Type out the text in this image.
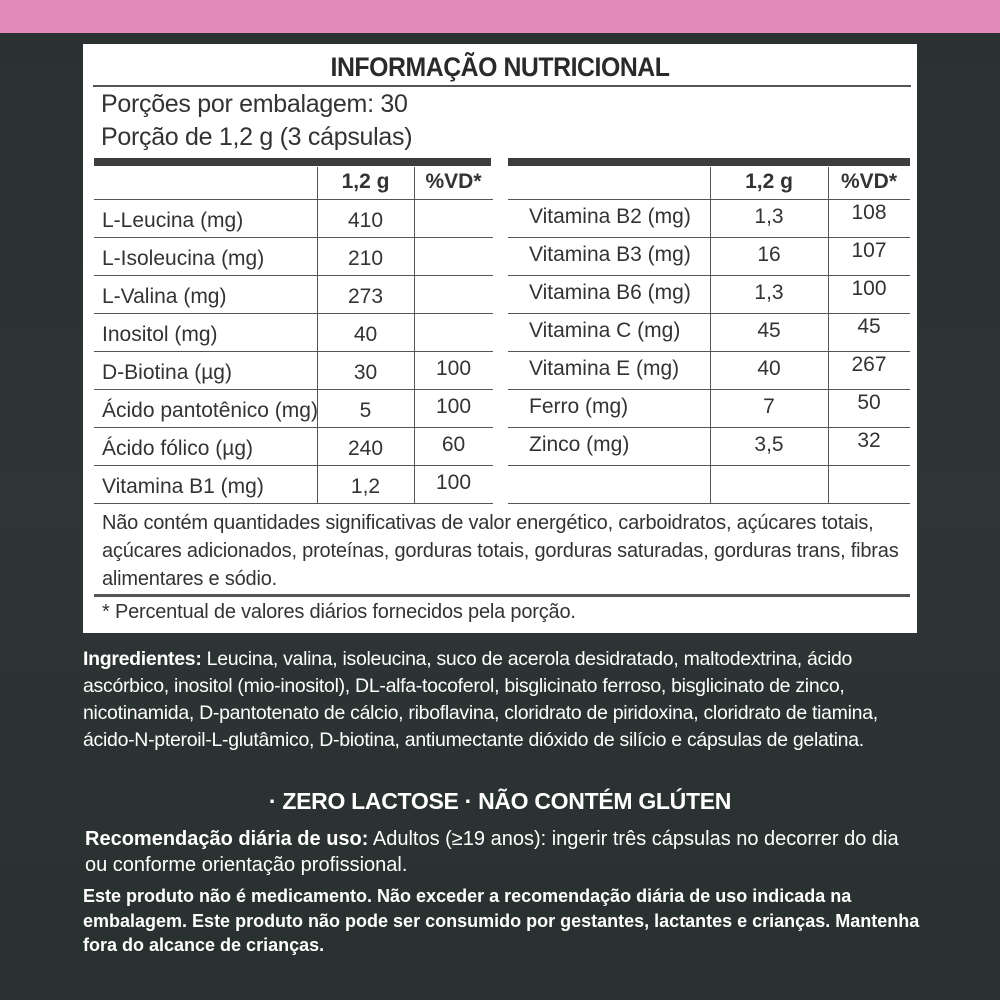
INFORMAÇÃO NUTRICIONAL
Porções por embalagem: 30
Porção de 1,2 g (3 cápsulas)
1,2 g	%VD*
L-Leucina (mg)	410
L-Isoleucina (mg)	210
L-Valina (mg)	273
Inositol (mg)	40
D-Biotina (µg)	30	100
Ácido pantotênico (mg)	5	100
Ácido fólico (µg)	240	60
Vitamina B1 (mg)	1,2	100
1,2 g	%VD*
Vitamina B2 (mg)	1,3	108
Vitamina B3 (mg)	16	107
Vitamina B6 (mg)	1,3	100
Vitamina C (mg)	45	45
Vitamina E (mg)	40	267
Ferro (mg)	7	50
Zinco (mg)	3,5	32
Não contém quantidades significativas de valor energético, carboidratos, açúcares totais, açúcares adicionados, proteínas, gorduras totais, gorduras saturadas, gorduras trans, fibras alimentares e sódio.
* Percentual de valores diários fornecidos pela porção.
Ingredientes: Leucina, valina, isoleucina, suco de acerola desidratado, maltodextrina, ácido ascórbico, inositol (mio-inositol), DL-alfa-tocoferol, bisglicinato ferroso, bisglicinato de zinco, nicotinamida, D-pantotenato de cálcio, riboflavina, cloridrato de piridoxina, cloridrato de tiamina, ácido-N-pteroil-L-glutâmico, D-biotina, antiumectante dióxido de silício e cápsulas de gelatina.
· ZERO LACTOSE · NÃO CONTÉM GLÚTEN
Recomendação diária de uso: Adultos (≥19 anos): ingerir três cápsulas no decorrer do dia ou conforme orientação profissional.
Este produto não é medicamento. Não exceder a recomendação diária de uso indicada na embalagem. Este produto não pode ser consumido por gestantes, lactantes e crianças. Mantenha fora do alcance de crianças.
